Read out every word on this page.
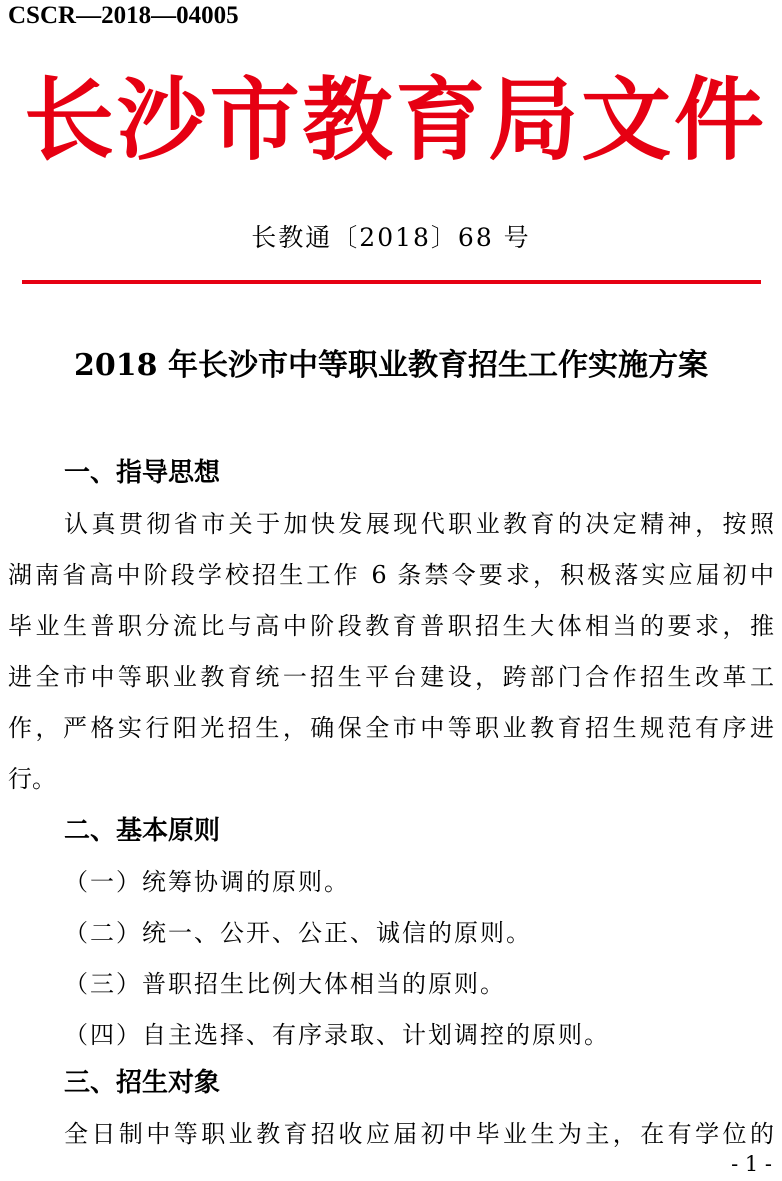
CSCR—2018—04005
长 沙 市 教 育 局 文 件
长教通〔2018〕68 号
2018 年长沙市中等职业教育招生工作实施方案
一、指导思想
认真贯彻省市关于加快发展现代职业教育的决定精神，按照
湖南省高中阶段学校招生工作 6 条禁令要求，积极落实应届初中
毕业生普职分流比与高中阶段教育普职招生大体相当的要求，推
进全市中等职业教育统一招生平台建设，跨部门合作招生改革工
作，严格实行阳光招生，确保全市中等职业教育招生规范有序进
行。
二、基本原则
（一）统筹协调的原则。
（二）统一、公开、公正、诚信的原则。
（三）普职招生比例大体相当的原则。
（四）自主选择、有序录取、计划调控的原则。
三、招生对象
全日制中等职业教育招收应届初中毕业生为主，在有学位的
- 1 -
